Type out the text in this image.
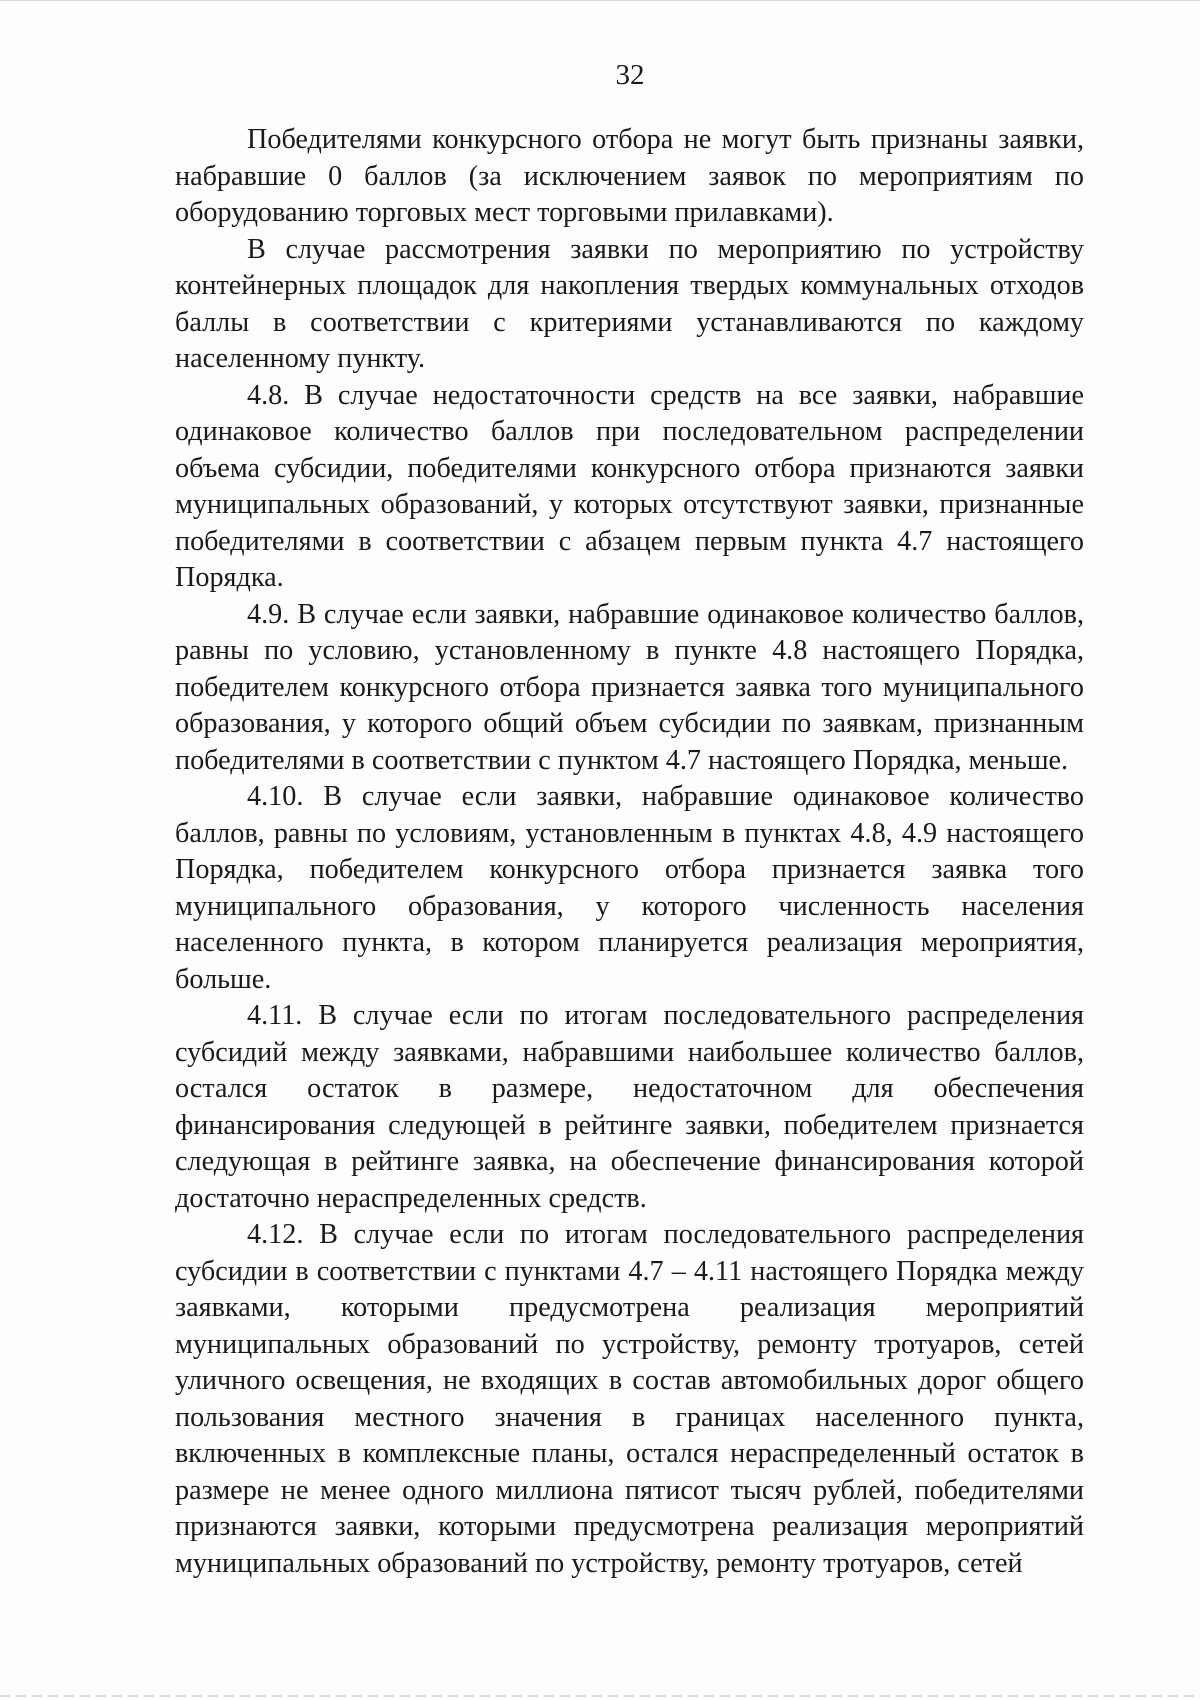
32

Победителями конкурсного отбора не могут быть признаны заявки, набравшие 0 баллов (за исключением заявок по мероприятиям по оборудованию торговых мест торговыми прилавками).

В случае рассмотрения заявки по мероприятию по устройству контейнерных площадок для накопления твердых коммунальных отходов баллы в соответствии с критериями устанавливаются по каждому населенному пункту.

4.8. В случае недостаточности средств на все заявки, набравшие одинаковое количество баллов при последовательном распределении объема субсидии, победителями конкурсного отбора признаются заявки муниципальных образований, у которых отсутствуют заявки, признанные победителями в соответствии с абзацем первым пункта 4.7 настоящего Порядка.

4.9. В случае если заявки, набравшие одинаковое количество баллов, равны по условию, установленному в пункте 4.8 настоящего Порядка, победителем конкурсного отбора признается заявка того муниципального образования, у которого общий объем субсидии по заявкам, признанным победителями в соответствии с пунктом 4.7 настоящего Порядка, меньше.

4.10. В случае если заявки, набравшие одинаковое количество баллов, равны по условиям, установленным в пунктах 4.8, 4.9 настоящего Порядка, победителем конкурсного отбора признается заявка того муниципального образования, у которого численность населения населенного пункта, в котором планируется реализация мероприятия, больше.

4.11. В случае если по итогам последовательного распределения субсидий между заявками, набравшими наибольшее количество баллов, остался остаток в размере, недостаточном для обеспечения финансирования следующей в рейтинге заявки, победителем признается следующая в рейтинге заявка, на обеспечение финансирования которой достаточно нераспределенных средств.

4.12. В случае если по итогам последовательного распределения субсидии в соответствии с пунктами 4.7 – 4.11 настоящего Порядка между заявками, которыми предусмотрена реализация мероприятий муниципальных образований по устройству, ремонту тротуаров, сетей уличного освещения, не входящих в состав автомобильных дорог общего пользования местного значения в границах населенного пункта, включенных в комплексные планы, остался нераспределенный остаток в размере не менее одного миллиона пятисот тысяч рублей, победителями признаются заявки, которыми предусмотрена реализация мероприятий муниципальных образований по устройству, ремонту тротуаров, сетей
